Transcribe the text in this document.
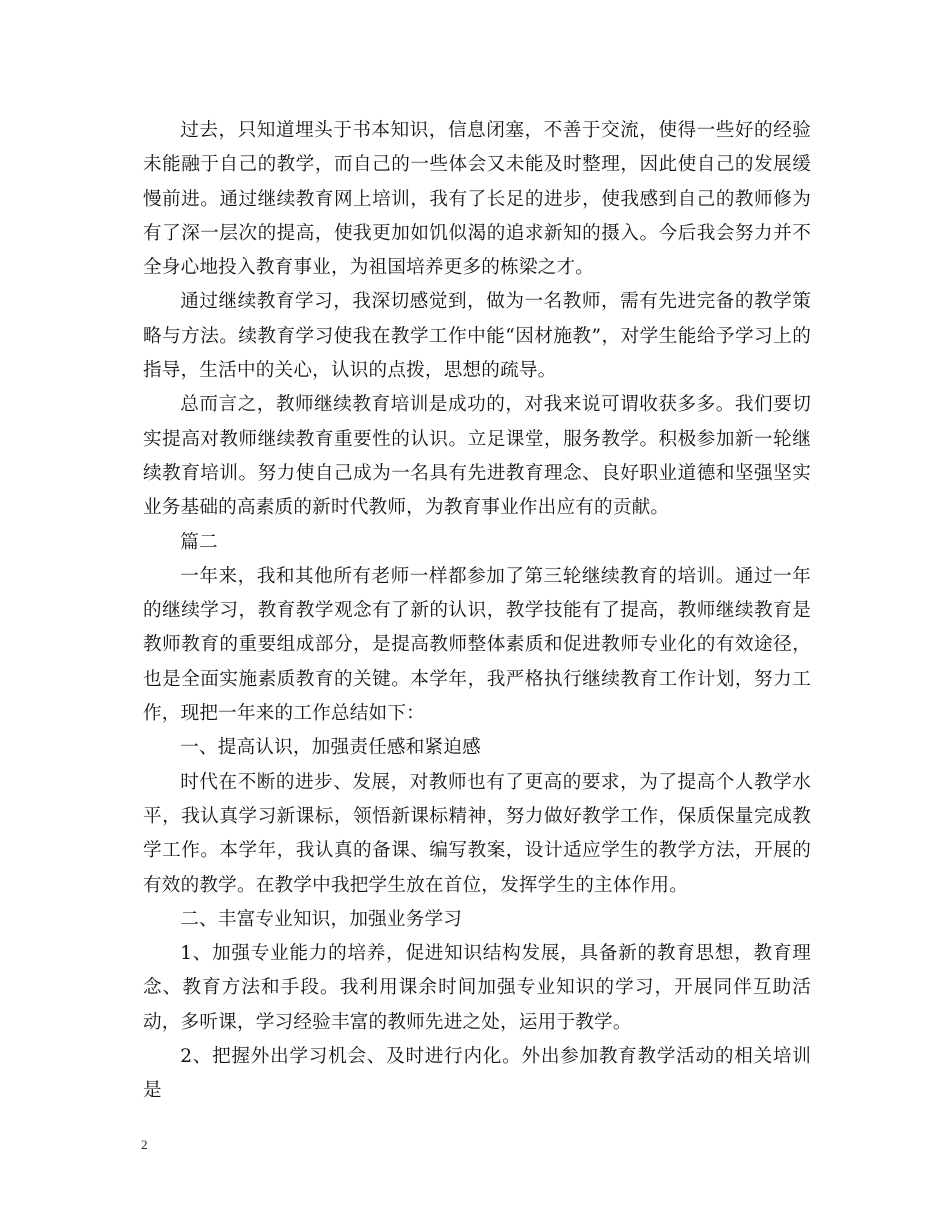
过去，只知道埋头于书本知识，信息闭塞，不善于交流，使得一些好的经验未能融于自己的教学，而自己的一些体会又未能及时整理，因此使自己的发展缓慢前进。通过继续教育网上培训，我有了长足的进步，使我感到自己的教师修为有了深一层次的提高，使我更加如饥似渴的追求新知的摄入。今后我会努力并不全身心地投入教育事业，为祖国培养更多的栋梁之才。

通过继续教育学习，我深切感觉到，做为一名教师，需有先进完备的教学策略与方法。续教育学习使我在教学工作中能“因材施教”，对学生能给予学习上的指导，生活中的关心，认识的点拨，思想的疏导。

总而言之，教师继续教育培训是成功的，对我来说可谓收获多多。我们要切实提高对教师继续教育重要性的认识。立足课堂，服务教学。积极参加新一轮继续教育培训。努力使自己成为一名具有先进教育理念、良好职业道德和坚强坚实业务基础的高素质的新时代教师，为教育事业作出应有的贡献。

篇二

一年来，我和其他所有老师一样都参加了第三轮继续教育的培训。通过一年的继续学习，教育教学观念有了新的认识，教学技能有了提高，教师继续教育是教师教育的重要组成部分，是提高教师整体素质和促进教师专业化的有效途径，也是全面实施素质教育的关键。本学年，我严格执行继续教育工作计划，努力工作，现把一年来的工作总结如下：

一、提高认识，加强责任感和紧迫感

时代在不断的进步、发展，对教师也有了更高的要求，为了提高个人教学水平，我认真学习新课标，领悟新课标精神，努力做好教学工作，保质保量完成教学工作。本学年，我认真的备课、编写教案，设计适应学生的教学方法，开展的有效的教学。在教学中我把学生放在首位，发挥学生的主体作用。

二、丰富专业知识，加强业务学习

1、加强专业能力的培养，促进知识结构发展，具备新的教育思想，教育理念、教育方法和手段。我利用课余时间加强专业知识的学习，开展同伴互助活动，多听课，学习经验丰富的教师先进之处，运用于教学。

2、把握外出学习机会、及时进行内化。外出参加教育教学活动的相关培训是

2
